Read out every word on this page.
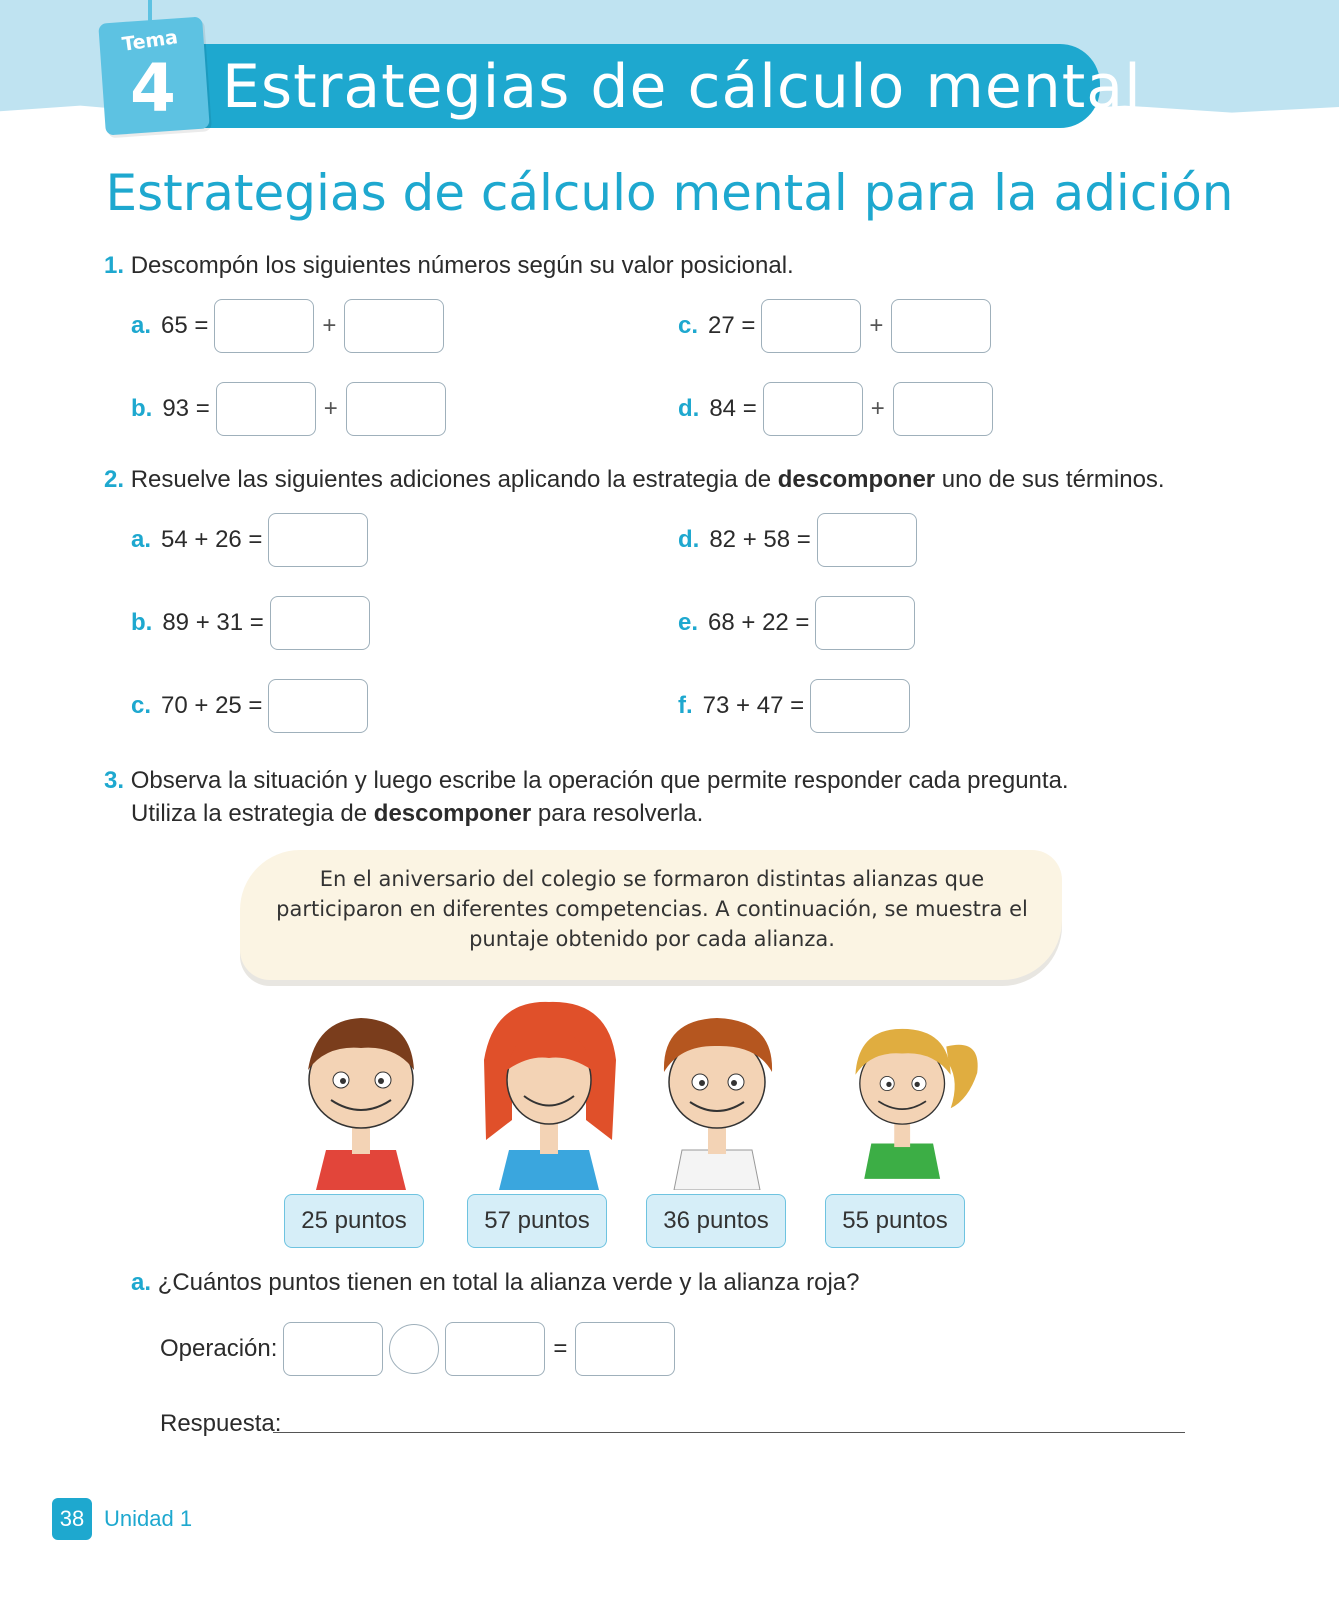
Estrategias de cálculo mental
Tema
4
Estrategias de cálculo mental para la adición
1. Descompón los siguientes números según su valor posicional.
a. 65 =	+
b. 93 =	+
c. 27 =	+
d. 84 =	+
2. Resuelve las siguientes adiciones aplicando la estrategia de descomponer uno de sus términos.
a. 54 + 26 =
b. 89 + 31 =
c. 70 + 25 =
d. 82 + 58 =
e. 68 + 22 =
f. 73 + 47 =
3. Observa la situación y luego escribe la operación que permite responder cada pregunta.
Utiliza la estrategia de descomponer para resolverla.
En el aniversario del colegio se formaron distintas alianzas que participaron en diferentes competencias. A continuación, se muestra el puntaje obtenido por cada alianza.
25 puntos	57 puntos	36 puntos	55 puntos
a. ¿Cuántos puntos tienen en total la alianza verde y la alianza roja?
Operación:	=
Respuesta:
38 Unidad 1
